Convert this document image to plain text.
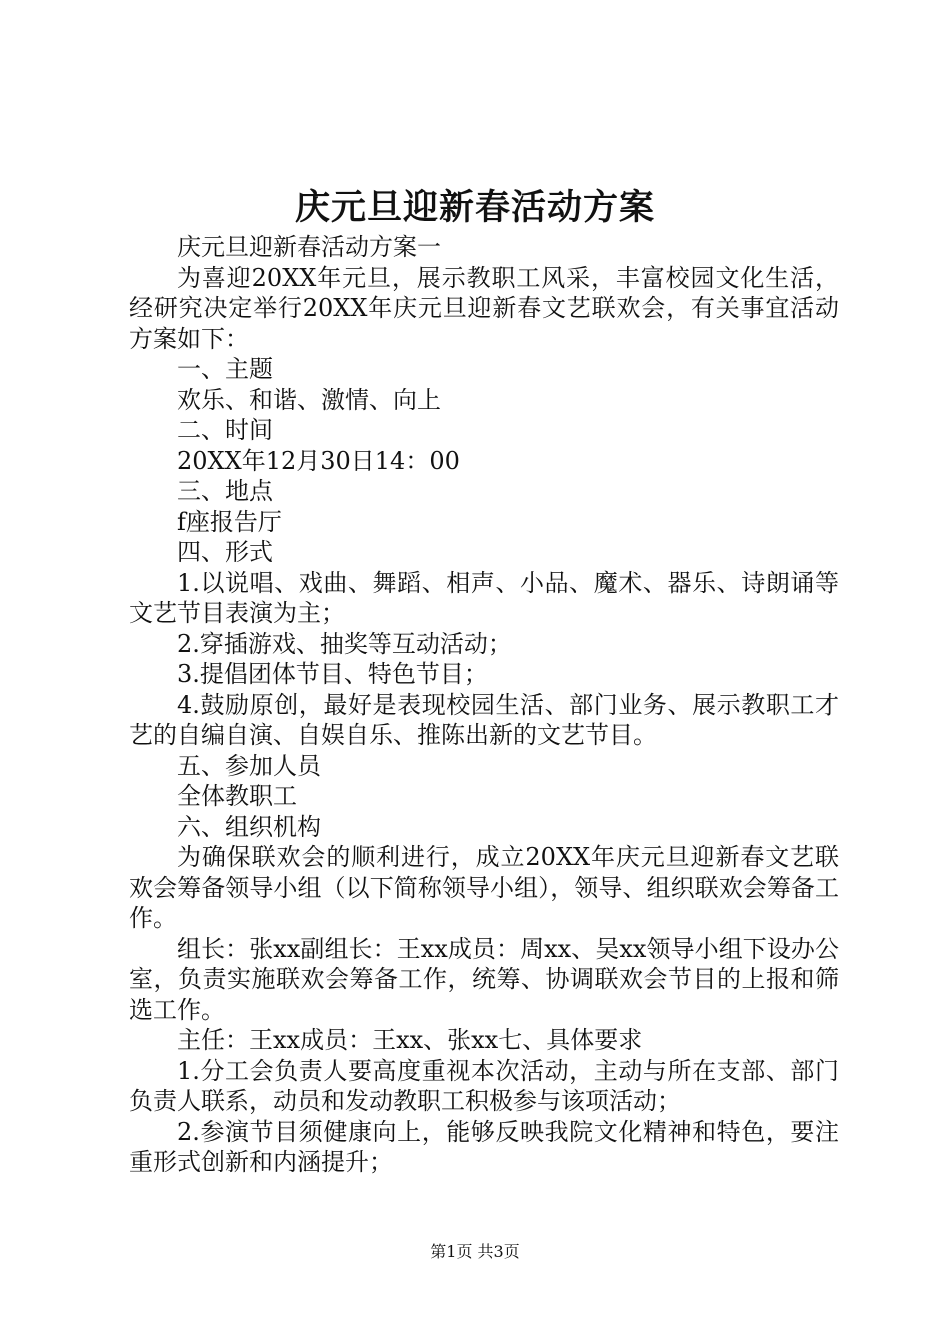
庆元旦迎新春活动方案

庆元旦迎新春活动方案一

为喜迎20XX年元旦，展示教职工风采，丰富校园文化生活，经研究决定举行20XX年庆元旦迎新春文艺联欢会，有关事宜活动方案如下：

一、主题

欢乐、和谐、激情、向上

二、时间

20XX年12月30日14：00

三、地点

f座报告厅

四、形式

1.以说唱、戏曲、舞蹈、相声、小品、魔术、器乐、诗朗诵等文艺节目表演为主；

2.穿插游戏、抽奖等互动活动；

3.提倡团体节目、特色节目；

4.鼓励原创，最好是表现校园生活、部门业务、展示教职工才艺的自编自演、自娱自乐、推陈出新的文艺节目。

五、参加人员

全体教职工

六、组织机构

为确保联欢会的顺利进行，成立20XX年庆元旦迎新春文艺联欢会筹备领导小组（以下简称领导小组），领导、组织联欢会筹备工作。

组长：张xx副组长：王xx成员：周xx、吴xx领导小组下设办公室，负责实施联欢会筹备工作，统筹、协调联欢会节目的上报和筛选工作。

主任：王xx成员：王xx、张xx七、具体要求

1.分工会负责人要高度重视本次活动，主动与所在支部、部门负责人联系，动员和发动教职工积极参与该项活动；

2.参演节目须健康向上，能够反映我院文化精神和特色，要注重形式创新和内涵提升；

第1页 共3页
